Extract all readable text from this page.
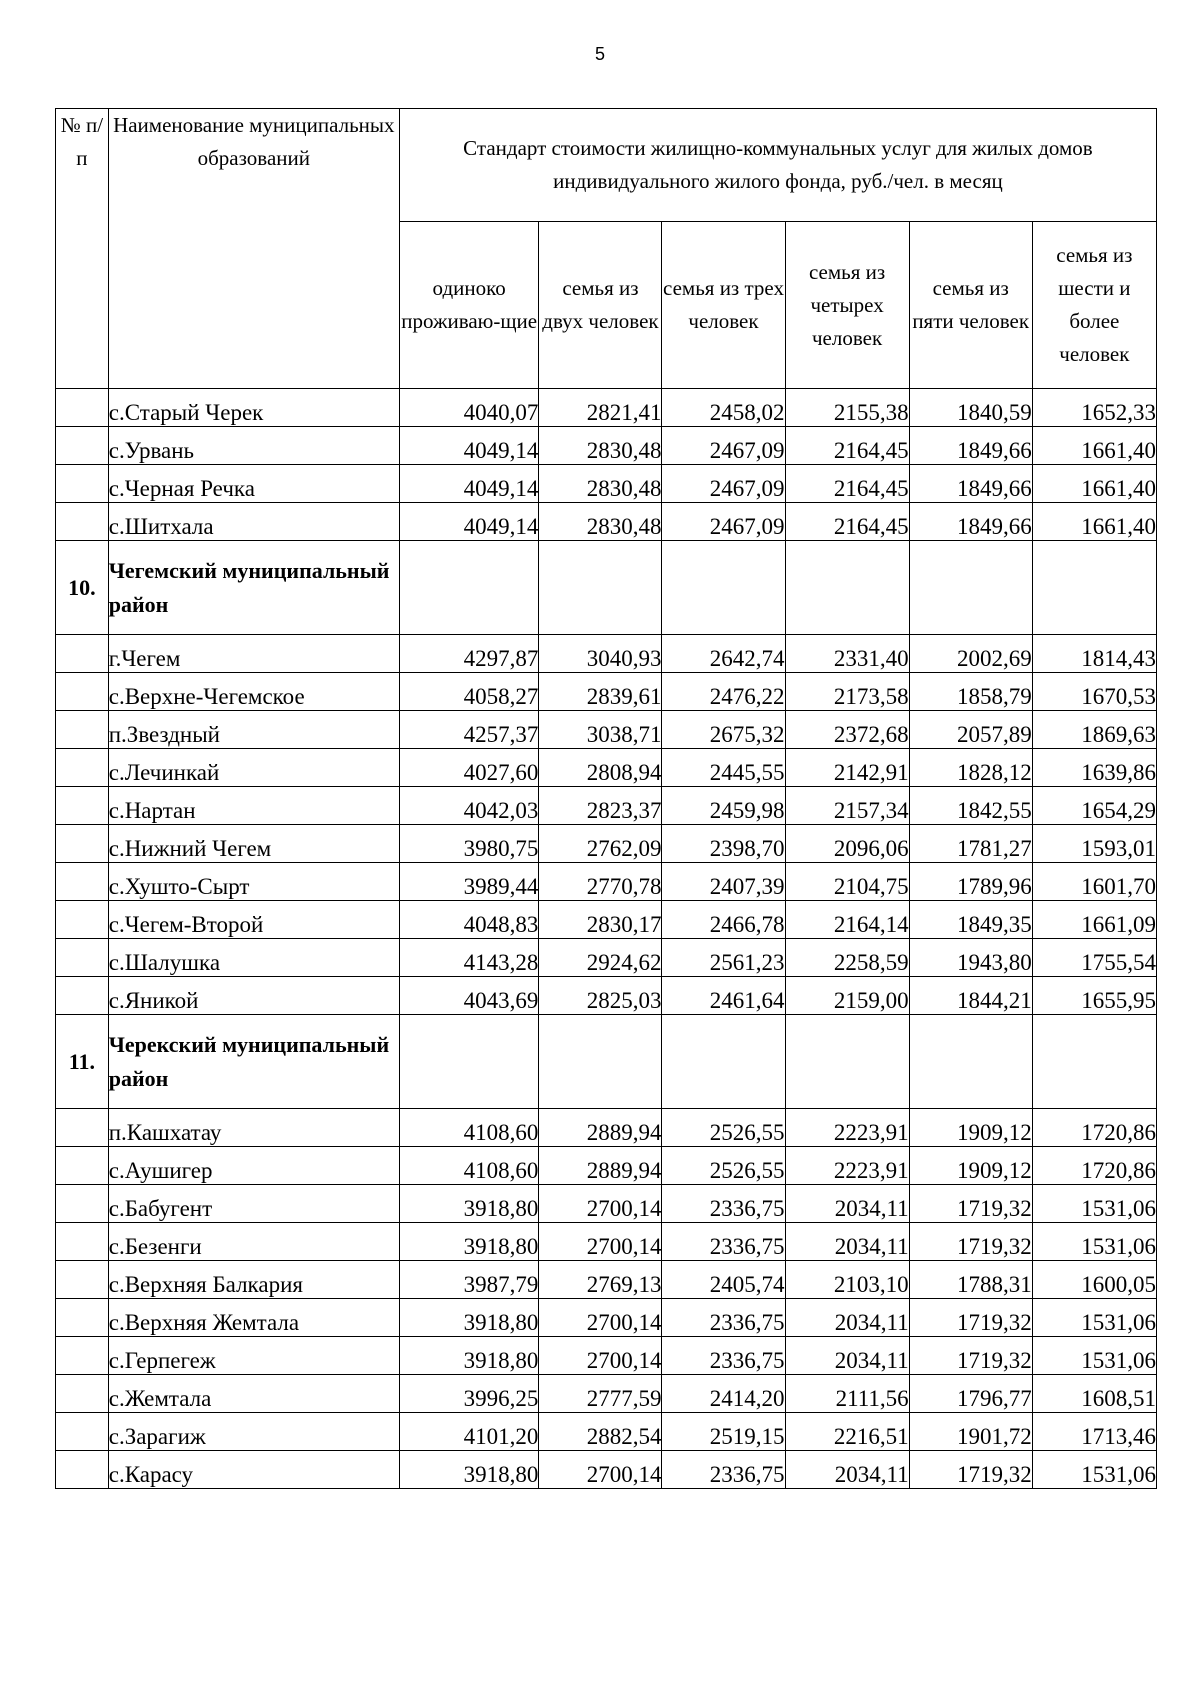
5
№ п/п	Наименование муниципальных образований	Стандарт стоимости жилищно-коммунальных услуг для жилых домов индивидуального жилого фонда, руб./чел. в месяц					
		одиноко проживаю-щие	семья из двух человек	семья из трех человек	семья из четырех человек	семья из пяти человек	семья из шести и более человек
	с.Старый Черек	4040,07	2821,41	2458,02	2155,38	1840,59	1652,33
	с.Урвань	4049,14	2830,48	2467,09	2164,45	1849,66	1661,40
	с.Черная Речка	4049,14	2830,48	2467,09	2164,45	1849,66	1661,40
	с.Шитхала	4049,14	2830,48	2467,09	2164,45	1849,66	1661,40
10.	Чегемский муниципальный район						
	г.Чегем	4297,87	3040,93	2642,74	2331,40	2002,69	1814,43
	с.Верхне-Чегемское	4058,27	2839,61	2476,22	2173,58	1858,79	1670,53
	п.Звездный	4257,37	3038,71	2675,32	2372,68	2057,89	1869,63
	с.Лечинкай	4027,60	2808,94	2445,55	2142,91	1828,12	1639,86
	с.Нартан	4042,03	2823,37	2459,98	2157,34	1842,55	1654,29
	с.Нижний Чегем	3980,75	2762,09	2398,70	2096,06	1781,27	1593,01
	с.Хушто-Сырт	3989,44	2770,78	2407,39	2104,75	1789,96	1601,70
	с.Чегем-Второй	4048,83	2830,17	2466,78	2164,14	1849,35	1661,09
	с.Шалушка	4143,28	2924,62	2561,23	2258,59	1943,80	1755,54
	с.Яникой	4043,69	2825,03	2461,64	2159,00	1844,21	1655,95
11.	Черекский муниципальный район						
	п.Кашхатау	4108,60	2889,94	2526,55	2223,91	1909,12	1720,86
	с.Аушигер	4108,60	2889,94	2526,55	2223,91	1909,12	1720,86
	с.Бабугент	3918,80	2700,14	2336,75	2034,11	1719,32	1531,06
	с.Безенги	3918,80	2700,14	2336,75	2034,11	1719,32	1531,06
	с.Верхняя Балкария	3987,79	2769,13	2405,74	2103,10	1788,31	1600,05
	с.Верхняя Жемтала	3918,80	2700,14	2336,75	2034,11	1719,32	1531,06
	с.Герпегеж	3918,80	2700,14	2336,75	2034,11	1719,32	1531,06
	с.Жемтала	3996,25	2777,59	2414,20	2111,56	1796,77	1608,51
	с.Зарагиж	4101,20	2882,54	2519,15	2216,51	1901,72	1713,46
	с.Карасу	3918,80	2700,14	2336,75	2034,11	1719,32	1531,06
